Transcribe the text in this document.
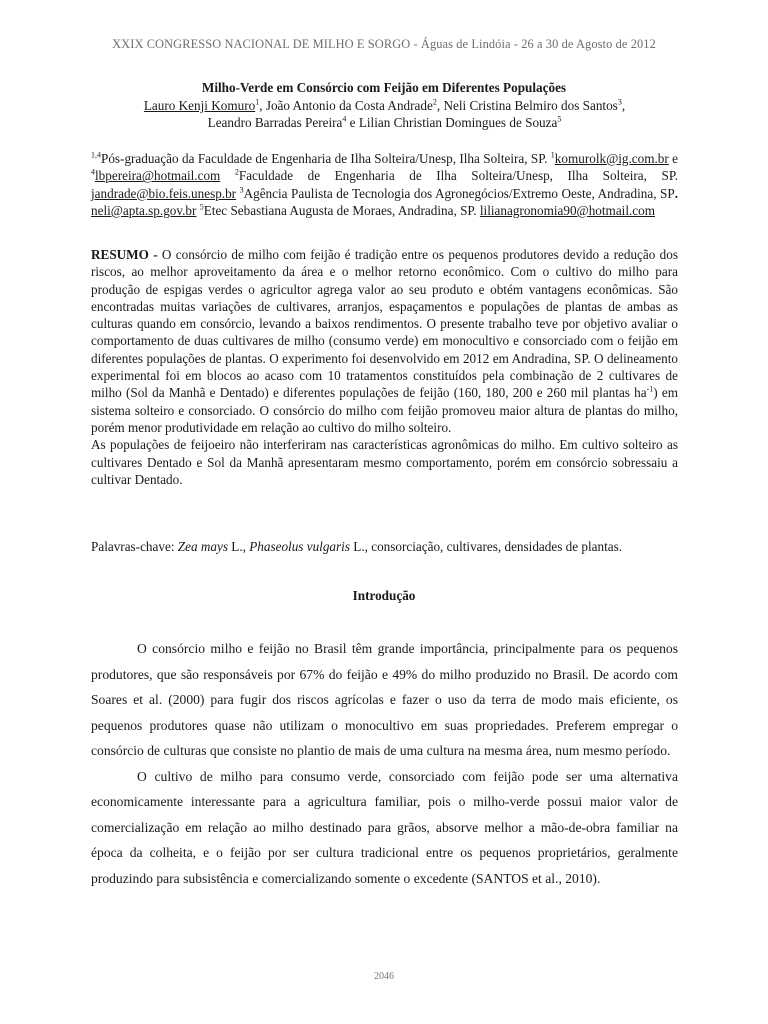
XXIX CONGRESSO NACIONAL DE MILHO E SORGO - Águas de Lindóia - 26 a 30 de Agosto de 2012
Milho-Verde em Consórcio com Feijão em Diferentes Populações
Lauro Kenji Komuro$^1$, João Antonio da Costa Andrade$^2$, Neli Cristina Belmiro dos Santos$^3$,
Leandro Barradas Pereira$^4$ e Lilian Christian Domingues de Souza$^5$
$^{1,4}$Pós-graduação da Faculdade de Engenharia de Ilha Solteira/Unesp, Ilha Solteira, SP. $^1$komurolk@ig.com.br e $^4$lbpereira@hotmail.com $^2$Faculdade de Engenharia de Ilha Solteira/Unesp, Ilha Solteira, SP. jandrade@bio.feis.unesp.br $^3$Agência Paulista de Tecnologia dos Agronegócios/Extremo Oeste, Andradina, SP. neli@apta.sp.gov.br $^5$Etec Sebastiana Augusta de Moraes, Andradina, SP. lilianagronomia90@hotmail.com

RESUMO - O consórcio de milho com feijão é tradição entre os pequenos produtores devido a redução dos riscos, ao melhor aproveitamento da área e o melhor retorno econômico. Com o cultivo do milho para produção de espigas verdes o agricultor agrega valor ao seu produto e obtém vantagens econômicas. São encontradas muitas variações de cultivares, arranjos, espaçamentos e populações de plantas de ambas as culturas quando em consórcio, levando a baixos rendimentos. O presente trabalho teve por objetivo avaliar o comportamento de duas cultivares de milho (consumo verde) em monocultivo e consorciado com o feijão em diferentes populações de plantas. O experimento foi desenvolvido em 2012 em Andradina, SP. O delineamento experimental foi em blocos ao acaso com 10 tratamentos constituídos pela combinação de 2 cultivares de milho (Sol da Manhã e Dentado) e diferentes populações de feijão (160, 180, 200 e 260 mil plantas $ha^{-1}$) em sistema solteiro e consorciado. O consórcio do milho com feijão promoveu maior altura de plantas do milho, porém menor produtividade em relação ao cultivo do milho solteiro.

As populações de feijoeiro não interferiram nas características agronômicas do milho. Em cultivo solteiro as cultivares Dentado e Sol da Manhã apresentaram mesmo comportamento, porém em consórcio sobressaiu a cultivar Dentado.

Palavras-chave: Zea mays L., Phaseolus vulgaris L., consorciação, cultivares, densidades de plantas.
Introdução

O consórcio milho e feijão no Brasil têm grande importância, principalmente para os pequenos produtores, que são responsáveis por 67% do feijão e 49% do milho produzido no Brasil. De acordo com Soares et al. (2000) para fugir dos riscos agrícolas e fazer o uso da terra de modo mais eficiente, os pequenos produtores quase não utilizam o monocultivo em suas propriedades. Preferem empregar o consórcio de culturas que consiste no plantio de mais de uma cultura na mesma área, num mesmo período.

O cultivo de milho para consumo verde, consorciado com feijão pode ser uma alternativa economicamente interessante para a agricultura familiar, pois o milho-verde possui maior valor de comercialização em relação ao milho destinado para grãos, absorve melhor a mão-de-obra familiar na época da colheita, e o feijão por ser cultura tradicional entre os pequenos proprietários, geralmente produzindo para subsistência e comercializando somente o excedente (SANTOS et al., 2010).

2046
